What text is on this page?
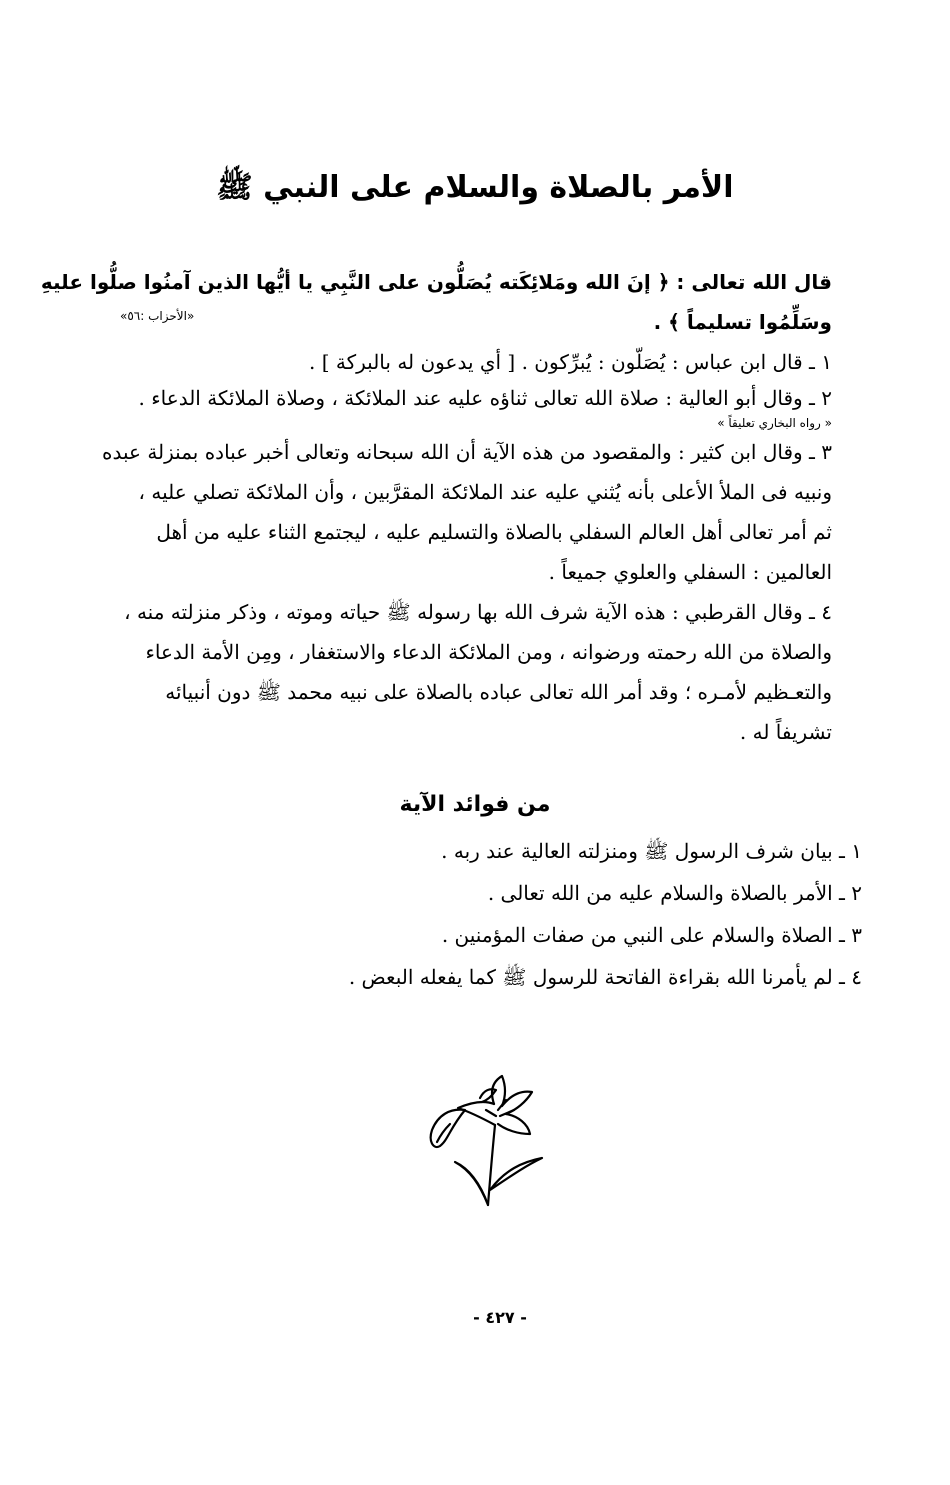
الأمر بالصلاة والسلام على النبي ﷺ
قال الله تعالى : ﴿ إنَ الله ومَلائِكَته يُصَلُّون على النَّبِي يا أيُّها الذين آمنُوا صلُّوا عليهِ
وسَلِّمُوا تسليماً ﴾ .
«الأحزاب :٥٦»
١ ـ قال ابن عباس : يُصَلّون : يُبرِّكون . [ أي يدعون له بالبركة ] .
٢ ـ وقال أبو العالية : صلاة الله تعالى ثناؤه عليه عند الملائكة ، وصلاة الملائكة الدعاء .
« رواه البخاري تعليقاً »
٣ ـ وقال ابن كثير : والمقصود من هذه الآية أن الله سبحانه وتعالى أخبر عباده بمنزلة عبده
ونبيه فى الملأ الأعلى بأنه يُثني عليه عند الملائكة المقرَّبين ، وأن الملائكة تصلي عليه ،
ثم أمر تعالى أهل العالم السفلي بالصلاة والتسليم عليه ، ليجتمع الثناء عليه من أهل
العالمين : السفلي والعلوي جميعاً .
٤ ـ وقال القرطبي : هذه الآية شرف الله بها رسوله ﷺ حياته وموته ، وذكر منزلته منه ،
والصلاة من الله رحمته ورضوانه ، ومن الملائكة الدعاء والاستغفار ، ومِن الأمة الدعاء
والتعـظيم لأمـره ؛ وقد أمر الله تعالى عباده بالصلاة على نبيه محمد ﷺ دون أنبيائه
تشريفاً له .
من فوائد الآية
١ ـ بيان شرف الرسول ﷺ ومنزلته العالية عند ربه .
٢ ـ الأمر بالصلاة والسلام عليه من الله تعالى .
٣ ـ الصلاة والسلام على النبي من صفات المؤمنين .
٤ ـ لم يأمرنا الله بقراءة الفاتحة للرسول ﷺ كما يفعله البعض .
- ٤٢٧ -
